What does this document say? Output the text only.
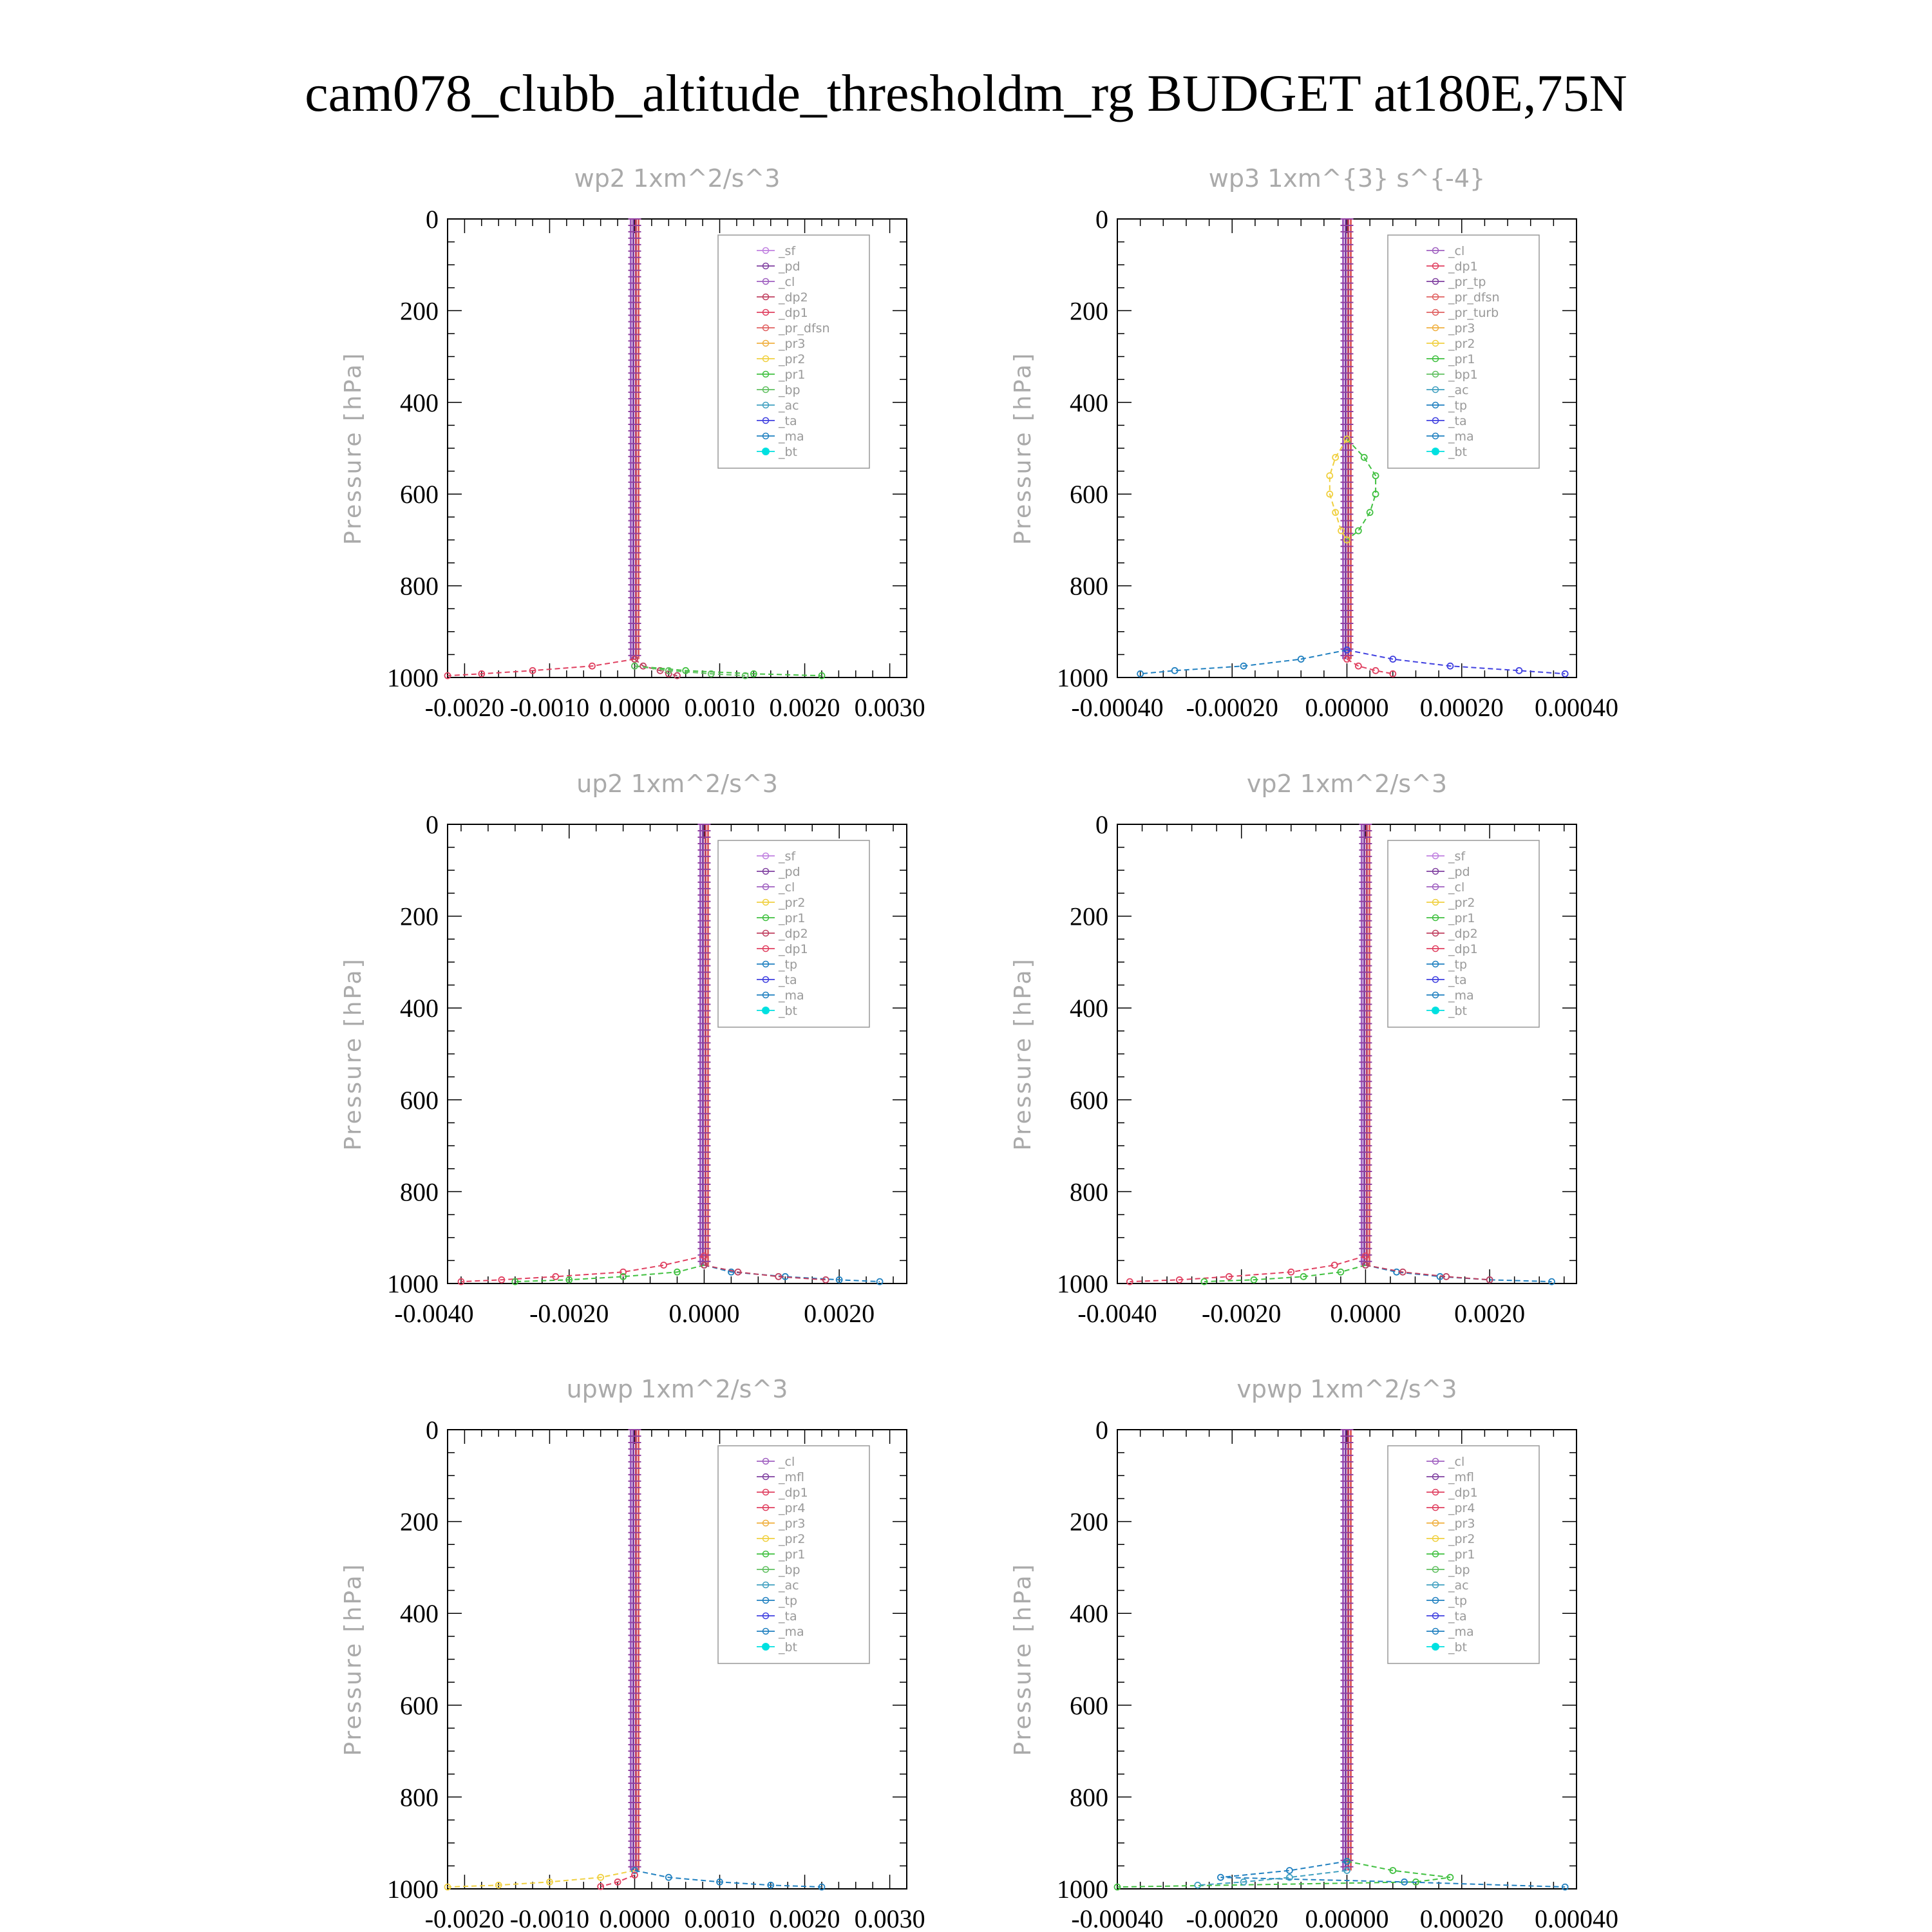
cam078_clubb_altitude_thresholdm_rg BUDGET at180E,75N
wp2 1xm^2/s^3
0
200
400
600
800
1000
-0.0020 -0.0010 0.0000 0.0010 0.0020 0.0030
Pressure [hPa]
_sf
_pd
_cl
_dp2
_dp1
_pr_dfsn
_pr3
_pr2
_pr1
_bp
_ac
_ta
_ma
_bt
wp3 1xm^{3} s^{-4}
0
200
400
600
800
1000
-0.00040 -0.00020 0.00000 0.00020 0.00040
Pressure [hPa]
_cl
_dp1
_pr_tp
_pr_dfsn
_pr_turb
_pr3
_pr2
_pr1
_bp1
_ac
_tp
_ta
_ma
_bt
up2 1xm^2/s^3
0
200
400
600
800
1000
-0.0040 -0.0020 0.0000 0.0020
Pressure [hPa]
_sf
_pd
_cl
_pr2
_pr1
_dp2
_dp1
_tp
_ta
_ma
_bt
vp2 1xm^2/s^3
0
200
400
600
800
1000
-0.0040 -0.0020 0.0000 0.0020
Pressure [hPa]
_sf
_pd
_cl
_pr2
_pr1
_dp2
_dp1
_tp
_ta
_ma
_bt
upwp 1xm^2/s^3
0
200
400
600
800
1000
-0.0020 -0.0010 0.0000 0.0010 0.0020 0.0030
Pressure [hPa]
_cl
_mfl
_dp1
_pr4
_pr3
_pr2
_pr1
_bp
_ac
_tp
_ta
_ma
_bt
vpwp 1xm^2/s^3
0
200
400
600
800
1000
-0.00040 -0.00020 0.00000 0.00020 0.00040
Pressure [hPa]
_cl
_mfl
_dp1
_pr4
_pr3
_pr2
_pr1
_bp
_ac
_tp
_ta
_ma
_bt
